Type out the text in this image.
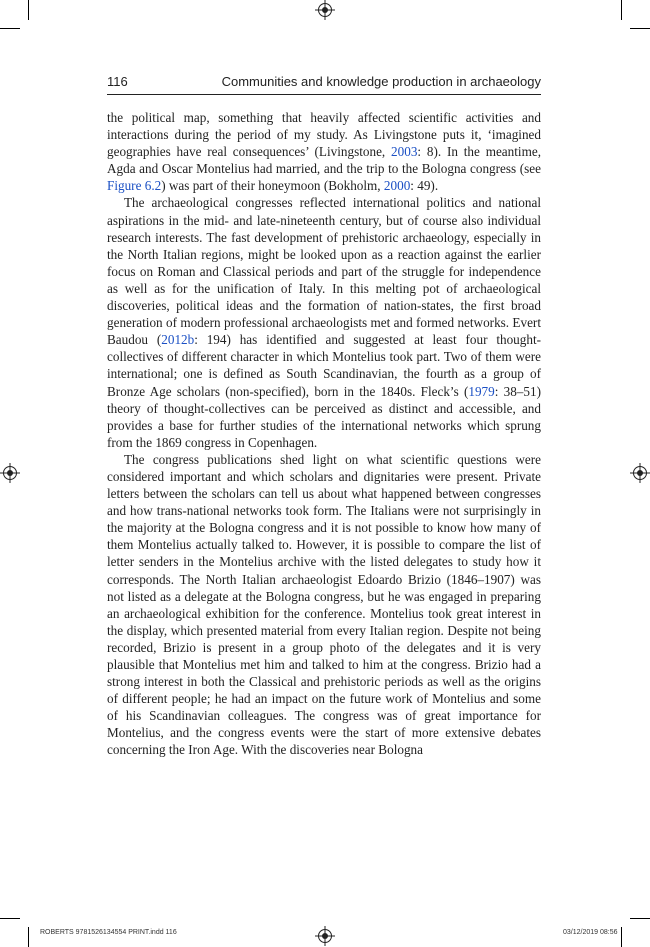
116	Communities and knowledge production in archaeology

the political map, something that heavily affected scientific activities and interactions during the period of my study. As Livingstone puts it, ‘imagined geographies have real consequences’ (Livingstone, 2003: 8). In the meantime, Agda and Oscar Montelius had married, and the trip to the Bologna congress (see Figure 6.2) was part of their honeymoon (Bokholm, 2000: 49).

The archaeological congresses reflected international politics and national aspirations in the mid- and late-nineteenth century, but of course also individual research interests. The fast development of prehistoric archaeology, especially in the North Italian regions, might be looked upon as a reaction against the earlier focus on Roman and Classical periods and part of the struggle for independence as well as for the unification of Italy. In this melting pot of archaeological discoveries, political ideas and the formation of nation-states, the first broad generation of modern professional archaeologists met and formed networks. Evert Baudou (2012b: 194) has identified and suggested at least four thought-collectives of different character in which Montelius took part. Two of them were international; one is defined as South Scandinavian, the fourth as a group of Bronze Age scholars (non-specified), born in the 1840s. Fleck’s (1979: 38–51) theory of thought-collectives can be perceived as distinct and accessible, and provides a base for further studies of the international networks which sprung from the 1869 congress in Copenhagen.

The congress publications shed light on what scientific questions were considered important and which scholars and dignitaries were present. Private letters between the scholars can tell us about what happened between congresses and how trans-national networks took form. The Italians were not surprisingly in the majority at the Bologna congress and it is not possible to know how many of them Montelius actually talked to. However, it is possible to compare the list of letter senders in the Montelius archive with the listed delegates to study how it corresponds. The North Italian archaeologist Edoardo Brizio (1846–1907) was not listed as a delegate at the Bologna congress, but he was engaged in preparing an archaeological exhibition for the conference. Montelius took great interest in the display, which presented material from every Italian region. Despite not being recorded, Brizio is present in a group photo of the delegates and it is very plausible that Montelius met him and talked to him at the congress. Brizio had a strong interest in both the Classical and prehistoric periods as well as the origins of different people; he had an impact on the future work of Montelius and some of his Scandinavian colleagues. The congress was of great importance for Montelius, and the congress events were the start of more extensive debates concerning the Iron Age. With the discoveries near Bologna

ROBERTS 9781526134554 PRINT.indd 116	03/12/2019 08:56
